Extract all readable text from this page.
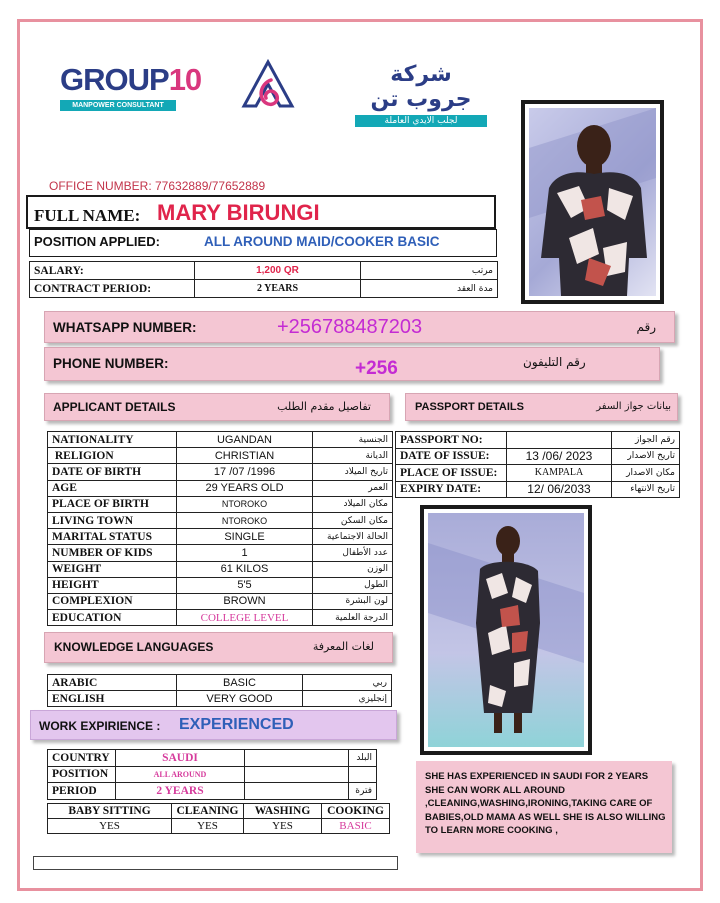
GROUP10
MANPOWER CONSULTANT
شركة جروب تن
لجلب الايدي العاملة
OFFICE NUMBER: 77632889/77652889
FULL NAME: MARY BIRUNGI
POSITION APPLIED:	ALL AROUND MAID/COOKER BASIC
SALARY:	1,200 QR	مرتب
CONTRACT PERIOD:	2 YEARS	مدة العقد
WHATSAPP NUMBER:	+256788487203	رقم
PHONE NUMBER:	+256	رقم التليفون
APPLICANT DETAILS	تفاصيل مقدم الطلب	PASSPORT DETAILS	بيانات جواز السفر
NATIONALITY	UGANDAN	الجنسية
RELIGION	CHRISTIAN	الديانة
DATE OF BIRTH	17 /07 /1996	تاريخ الميلاد
AGE	29 YEARS OLD	العمر
PLACE OF BIRTH	NTOROKO	مكان الميلاد
LIVING TOWN	NTOROKO	مكان السكن
MARITAL STATUS	SINGLE	الحالة الاجتماعية
NUMBER OF KIDS	1	عدد الأطفال
WEIGHT	61 KILOS	الوزن
HEIGHT	5'5	الطول
COMPLEXION	BROWN	لون البشرة
EDUCATION	COLLEGE LEVEL	الدرجة العلمية
PASSPORT NO:		رقم الجواز
DATE OF ISSUE:	13 /06/ 2023	تاريخ الاصدار
PLACE OF ISSUE:	KAMPALA	مكان الاصدار
EXPIRY DATE:	12/ 06/2033	تاريخ الانتهاء
KNOWLEDGE LANGUAGES	لغات المعرفة
ARABIC	BASIC	ربي
ENGLISH	VERY GOOD	إنجليزي
WORK EXPIRIENCE : EXPERIENCED
COUNTRY	SAUDI		البلد
POSITION	ALL AROUND		
PERIOD	2 YEARS		فترة
BABY SITTING	CLEANING	WASHING	COOKING
YES	YES	YES	BASIC
SHE HAS EXPERIENCED IN SAUDI FOR 2 YEARS SHE CAN WORK ALL AROUND ,CLEANING,WASHING,IRONING,TAKING CARE OF BABIES,OLD MAMA AS WELL SHE IS ALSO WILLING TO LEARN MORE COOKING ,
